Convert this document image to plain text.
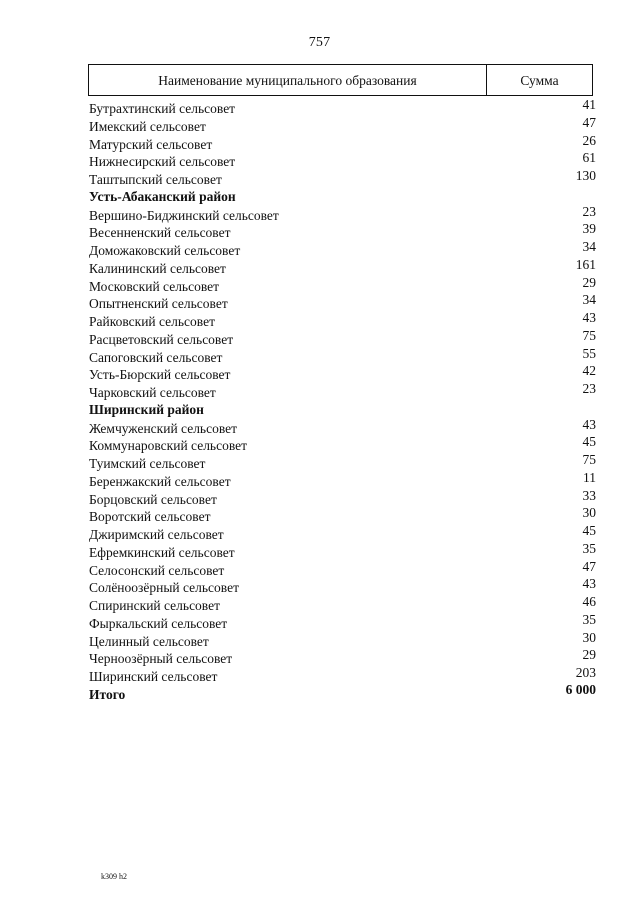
757
Наименование муниципального образования	Сумма
Бутрахтинский сельсовет	41
Имекский сельсовет	47
Матурский сельсовет	26
Нижнесирский сельсовет	61
Таштыпский сельсовет	130
Усть-Абаканский район
Вершино-Биджинский сельсовет	23
Весенненский сельсовет	39
Доможаковский сельсовет	34
Калининский сельсовет	161
Московский сельсовет	29
Опытненский сельсовет	34
Райковский сельсовет	43
Расцветовский сельсовет	75
Сапоговский сельсовет	55
Усть-Бюрский сельсовет	42
Чарковский сельсовет	23
Ширинский район
Жемчуженский сельсовет	43
Коммунаровский сельсовет	45
Туимский сельсовет	75
Беренжакский сельсовет	11
Борцовский сельсовет	33
Воротский сельсовет	30
Джиримский сельсовет	45
Ефремкинский сельсовет	35
Селосонский сельсовет	47
Солёноозёрный сельсовет	43
Спиринский сельсовет	46
Фыркальский сельсовет	35
Целинный сельсовет	30
Черноозёрный сельсовет	29
Ширинский сельсовет	203
Итого	6 000
k309 h2
